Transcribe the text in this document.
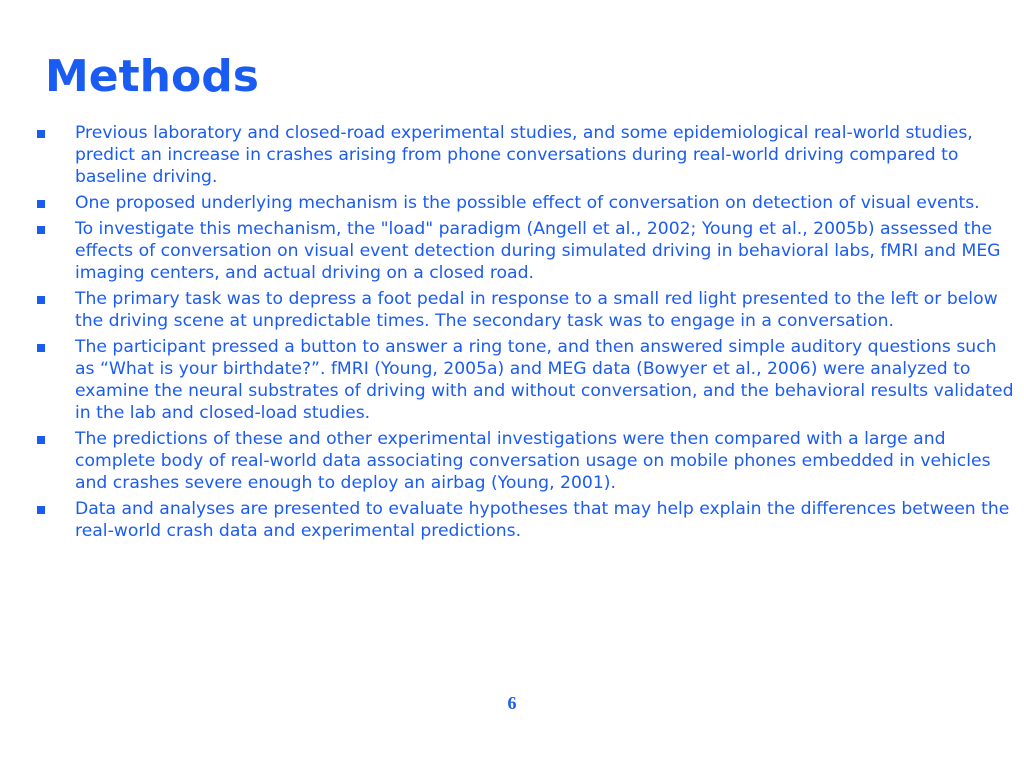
Methods
Previous laboratory and closed-road experimental studies, and some epidemiological real-world studies, predict an increase in crashes arising from phone conversations during real-world driving compared to baseline driving.
One proposed underlying mechanism is the possible effect of conversation on detection of visual events.
To investigate this mechanism, the "load" paradigm (Angell et al., 2002; Young et al., 2005b) assessed the effects of conversation on visual event detection during simulated driving in behavioral labs, fMRI and MEG imaging centers, and actual driving on a closed road.
The primary task was to depress a foot pedal in response to a small red light presented to the left or below the driving scene at unpredictable times. The secondary task was to engage in a conversation.
The participant pressed a button to answer a ring tone, and then answered simple auditory questions such as “What is your birthdate?”. fMRI (Young, 2005a) and MEG data (Bowyer et al., 2006) were analyzed to examine the neural substrates of driving with and without conversation, and the behavioral results validated in the lab and closed-load studies.
The predictions of these and other experimental investigations were then compared with a large and complete body of real-world data associating conversation usage on mobile phones embedded in vehicles and crashes severe enough to deploy an airbag (Young, 2001).
Data and analyses are presented to evaluate hypotheses that may help explain the differences between the real-world crash data and experimental predictions.
6
